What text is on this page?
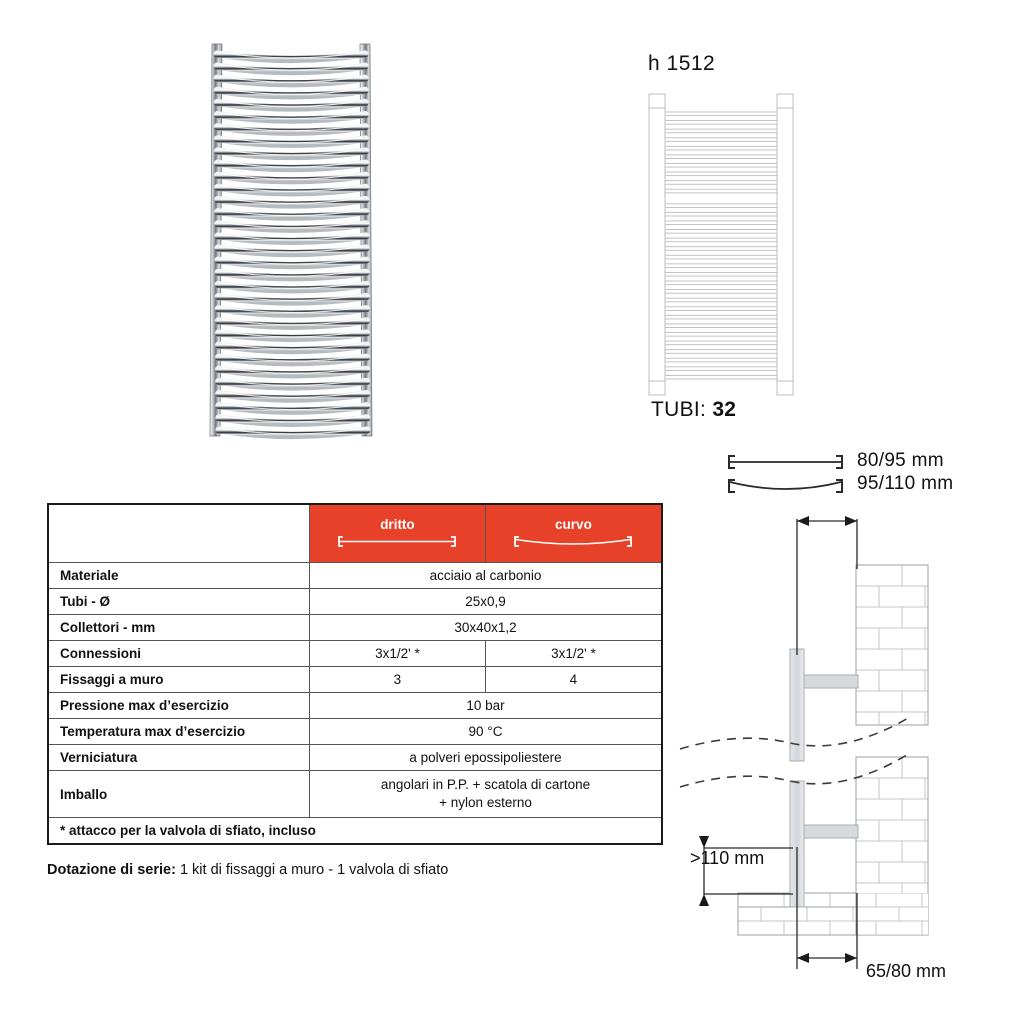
h 1512
TUBI: 32

	dritto	curvo

Materiale	acciaio al carbonio	
Tubi - Ø	25x0,9	
Collettori - mm	30x40x1,2	
Connessioni	3x1/2' *	3x1/2' *
Fissaggi a muro	3	4
Pressione max d’esercizio	10 bar	
Temperatura max d’esercizio	90 °C	
Verniciatura	a polveri epossipoliestere	
Imballo	angolari in P.P. + scatola di cartone
+ nylon esterno	
* attacco per la valvola di sfiato, incluso		
Dotazione di serie: 1 kit di fissaggi a muro - 1 valvola di sfiato
80/95 mm
95/110 mm
>110 mm
65/80 mm
